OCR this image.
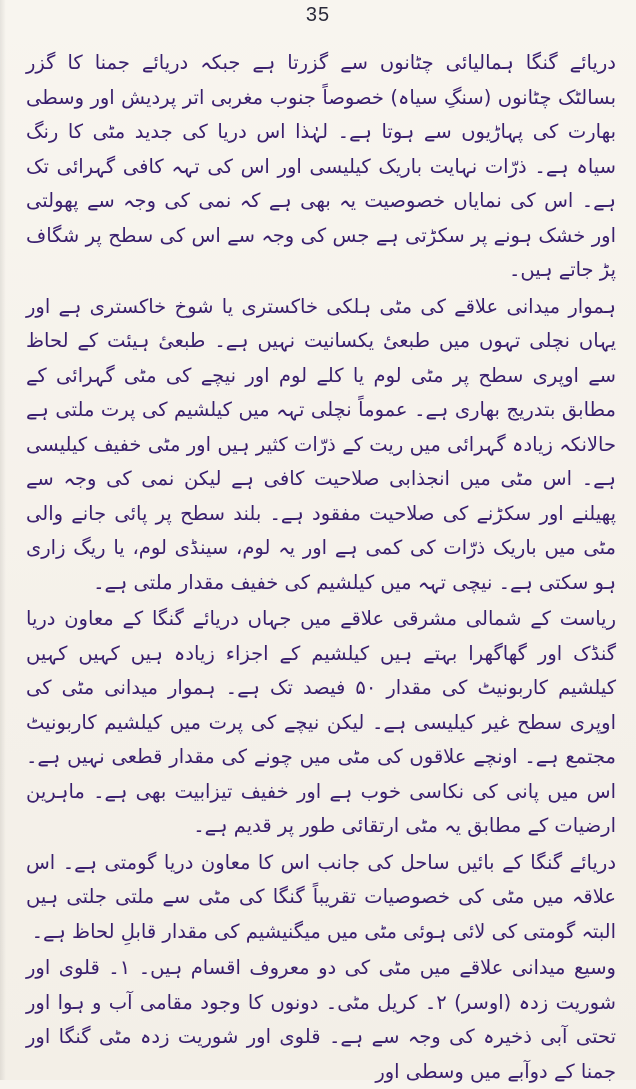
35

دریائے گنگا ہمالیائی چٹانوں سے گزرتا ہے جبکہ دریائے جمنا کا گزر بسالٹک چٹانوں (سنگِ سیاہ) خصوصاً جنوب مغربی اتر پردیش اور وسطی بھارت کی پہاڑیوں سے ہوتا ہے۔ لہٰذا اس دریا کی جدید مٹی کا رنگ سیاہ ہے۔ ذرّات نہایت باریک کیلیسی اور اس کی تہہ کافی گہرائی تک ہے۔ اس کی نمایاں خصوصیت یہ بھی ہے کہ نمی کی وجہ سے پھولتی اور خشک ہونے پر سکڑتی ہے جس کی وجہ سے اس کی سطح پر شگاف پڑ جاتے ہیں۔

ہموار میدانی علاقے کی مٹی ہلکی خاکستری یا شوخ خاکستری ہے اور یہاں نچلی تہوں میں طبعیٔ یکسانیت نہیں ہے۔ طبعیٔ ہیئت کے لحاظ سے اوپری سطح پر مٹی لوم یا کلے لوم اور نیچے کی مٹی گہرائی کے مطابق بتدریج بھاری ہے۔ عموماً نچلی تہہ میں کیلشیم کی پرت ملتی ہے حالانکہ زیادہ گہرائی میں ریت کے ذرّات کثیر ہیں اور مٹی خفیف کیلیسی ہے۔ اس مٹی میں انجذابی صلاحیت کافی ہے لیکن نمی کی وجہ سے پھیلنے اور سکڑنے کی صلاحیت مفقود ہے۔ بلند سطح پر پائی جانے والی مٹی میں باریک ذرّات کی کمی ہے اور یہ لوم، سینڈی لوم، یا ریگ زاری ہو سکتی ہے۔ نیچی تہہ میں کیلشیم کی خفیف مقدار ملتی ہے۔

ریاست کے شمالی مشرقی علاقے میں جہاں دریائے گنگا کے معاون دریا گنڈک اور گھاگھرا بہتے ہیں کیلشیم کے اجزاء زیادہ ہیں کہیں کہیں کیلشیم کاربونیٹ کی مقدار ۵۰ فیصد تک ہے۔ ہموار میدانی مٹی کی اوپری سطح غیر کیلیسی ہے۔ لیکن نیچے کی پرت میں کیلشیم کاربونیٹ مجتمع ہے۔ اونچے علاقوں کی مٹی میں چونے کی مقدار قطعی نہیں ہے۔ اس میں پانی کی نکاسی خوب ہے اور خفیف تیزابیت بھی ہے۔ ماہرین ارضیات کے مطابق یہ مٹی ارتقائی طور پر قدیم ہے۔

دریائے گنگا کے بائیں ساحل کی جانب اس کا معاون دریا گومتی ہے۔ اس علاقہ میں مٹی کی خصوصیات تقریباً گنگا کی مٹی سے ملتی جلتی ہیں البتہ گومتی کی لائی ہوئی مٹی میں میگنیشیم کی مقدار قابلِ لحاظ ہے۔

وسیع میدانی علاقے میں مٹی کی دو معروف اقسام ہیں۔ ۱۔ قلوی اور شوریت زدہ (اوسر) ۲۔ کریل مٹی۔ دونوں کا وجود مقامی آب و ہوا اور تحتی آبی ذخیرہ کی وجہ سے ہے۔ قلوی اور شوریت زدہ مٹی گنگا اور جمنا کے دوآبے میں وسطی اور
